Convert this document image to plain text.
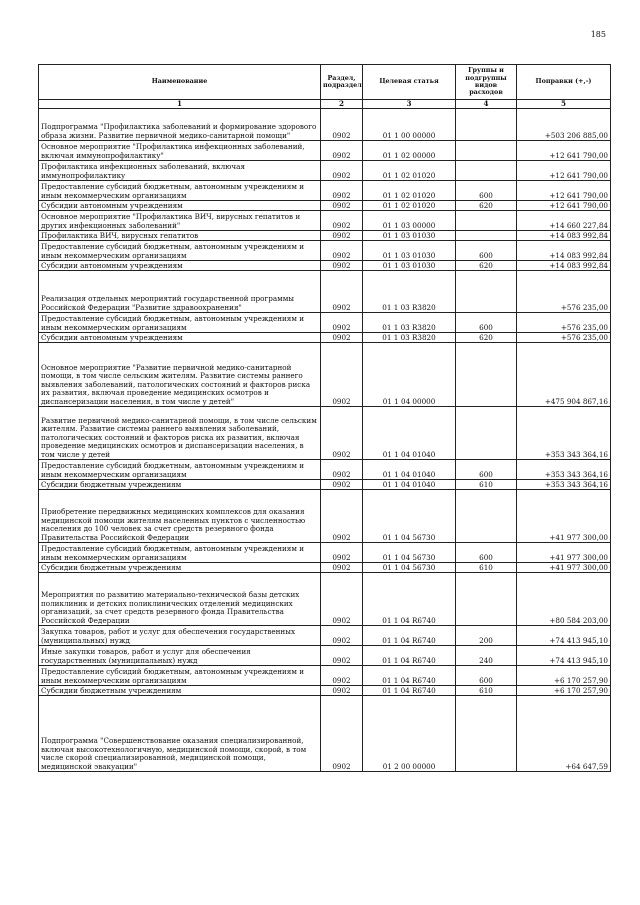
185
Наименование	Раздел, подраздел	Целевая статья	Группы и подгруппы видов расходов	Поправки (+,-)
1	2	3	4	5
Подпрограмма "Профилактика заболеваний и формирование здорового образа жизни. Развитие первичной медико-санитарной помощи"	0902	01 1 00 00000		+503 206 885,00
Основное мероприятие "Профилактика инфекционных заболеваний, включая иммунопрофилактику"	0902	01 1 02 00000		+12 641 790,00
Профилактика инфекционных заболеваний, включая иммунопрофилактику	0902	01 1 02 01020		+12 641 790,00
Предоставление субсидий бюджетным, автономным учреждениям и иным некоммерческим организациям	0902	01 1 02 01020	600	+12 641 790,00
Субсидии автономным учреждениям	0902	01 1 02 01020	620	+12 641 790,00
Основное мероприятие "Профилактика ВИЧ, вирусных гепатитов и других инфекционных заболеваний"	0902	01 1 03 00000		+14 660 227,84
Профилактика ВИЧ, вирусных гепатитов	0902	01 1 03 01030		+14 083 992,84
Предоставление субсидий бюджетным, автономным учреждениям и иным некоммерческим организациям	0902	01 1 03 01030	600	+14 083 992,84
Субсидии автономным учреждениям	0902	01 1 03 01030	620	+14 083 992,84
Реализация отдельных мероприятий государственной программы Российской Федерации "Развитие здравоохранения"	0902	01 1 03 R3820		+576 235,00
Предоставление субсидий бюджетным, автономным учреждениям и иным некоммерческим организациям	0902	01 1 03 R3820	600	+576 235,00
Субсидии автономным учреждениям	0902	01 1 03 R3820	620	+576 235,00
Основное мероприятие "Развитие первичной медико-санитарной помощи, в том числе сельским жителям. Развитие системы раннего выявления заболеваний, патологических состояний и факторов риска их развития, включая проведение медицинских осмотров и диспансеризации населения, в том числе у детей"	0902	01 1 04 00000		+475 904 867,16
Развитие первичной медико-санитарной помощи, в том числе сельским жителям. Развитие системы раннего выявления заболеваний, патологических состояний и факторов риска их развития, включая проведение медицинских осмотров и диспансеризации населения, в том числе у детей	0902	01 1 04 01040		+353 343 364,16
Предоставление субсидий бюджетным, автономным учреждениям и иным некоммерческим организациям	0902	01 1 04 01040	600	+353 343 364,16
Субсидии бюджетным учреждениям	0902	01 1 04 01040	610	+353 343 364,16
Приобретение передвижных медицинских комплексов для оказания медицинской помощи жителям населенных пунктов с численностью населения до 100 человек за счет средств резервного фонда Правительства Российской Федерации	0902	01 1 04 56730		+41 977 300,00
Предоставление субсидий бюджетным, автономным учреждениям и иным некоммерческим организациям	0902	01 1 04 56730	600	+41 977 300,00
Субсидии бюджетным учреждениям	0902	01 1 04 56730	610	+41 977 300,00
Мероприятия по развитию материально-технической базы детских поликлиник и детских поликлинических отделений медицинских организаций, за счет средств резервного фонда Правительства Российской Федерации	0902	01 1 04 R6740		+80 584 203,00
Закупка товаров, работ и услуг для обеспечения государственных (муниципальных) нужд	0902	01 1 04 R6740	200	+74 413 945,10
Иные закупки товаров, работ и услуг для обеспечения государственных (муниципальных) нужд	0902	01 1 04 R6740	240	+74 413 945,10
Предоставление субсидий бюджетным, автономным учреждениям и иным некоммерческим организациям	0902	01 1 04 R6740	600	+6 170 257,90
Субсидии бюджетным учреждениям	0902	01 1 04 R6740	610	+6 170 257,90
Подпрограмма "Совершенствование оказания специализированной, включая высокотехнологичную, медицинской помощи, скорой, в том числе скорой специализированной, медицинской помощи, медицинской эвакуации"	0902	01 2 00 00000		+64 647,59
